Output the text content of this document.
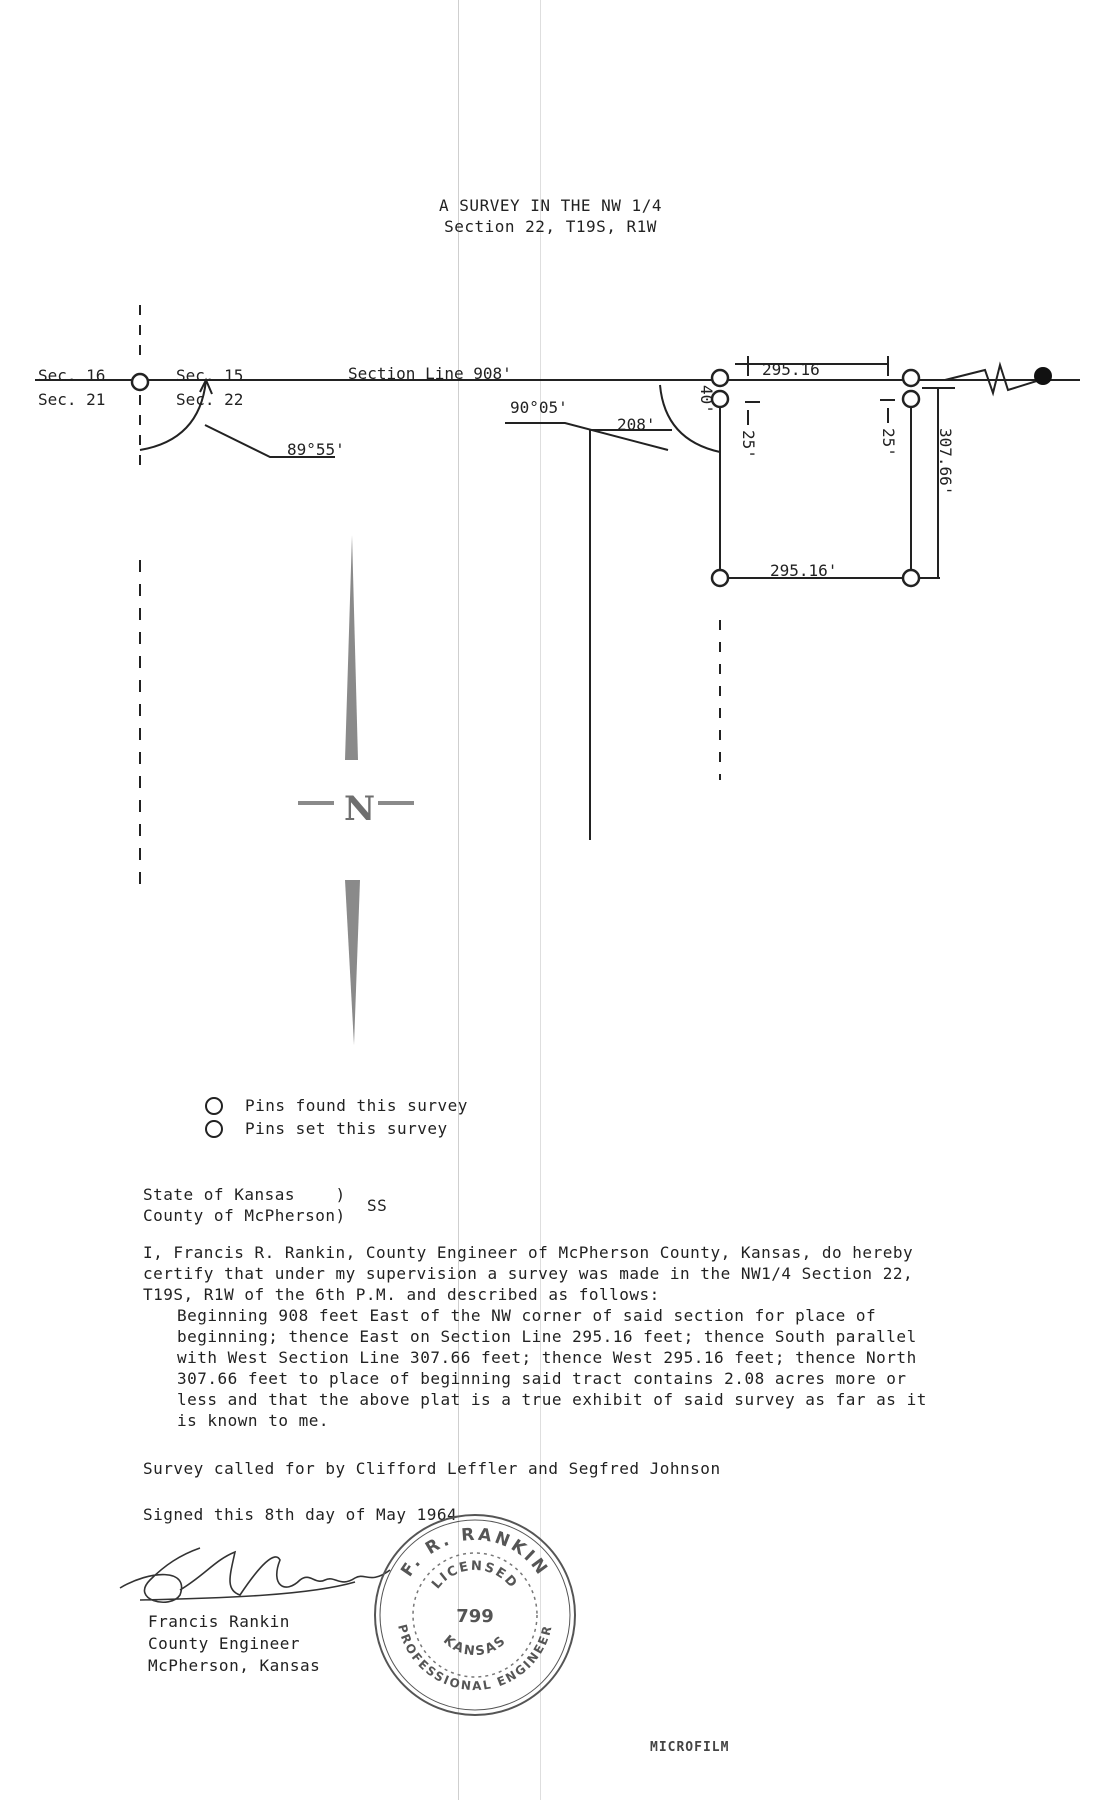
A SURVEY IN THE NW 1/4
Section 22, T19S, R1W
N
Sec. 16	Sec. 15
Sec. 21	Sec. 22
Section Line 908'
89°55'
90°05'
208'
295.16
295.16'
40'
25'	25' 307.66'
Pins found this survey
Pins set this survey
State of Kansas    )
County of McPherson)
SS

I, Francis R. Rankin, County Engineer of McPherson County, Kansas, do hereby

certify that under my supervision a survey was made in the NW1/4 Section 22,

T19S, R1W of the 6th P.M. and described as follows:

Beginning 908 feet East of the NW corner of said section for place of

beginning; thence East on Section Line 295.16 feet; thence South parallel

with West Section Line 307.66 feet; thence West 295.16 feet; thence North

307.66 feet to place of beginning said tract contains 2.08 acres more or

less and that the above plat is a true exhibit of said survey as far as it

is known to me.

Survey called for by Clifford Leffler and Segfred Johnson
Signed this 8th day of May 1964
Francis Rankin
County Engineer
McPherson, Kansas
F. R. RANKIN
PROFESSIONAL ENGINEER
LICENSED
KANSAS
799
MICROFILM
